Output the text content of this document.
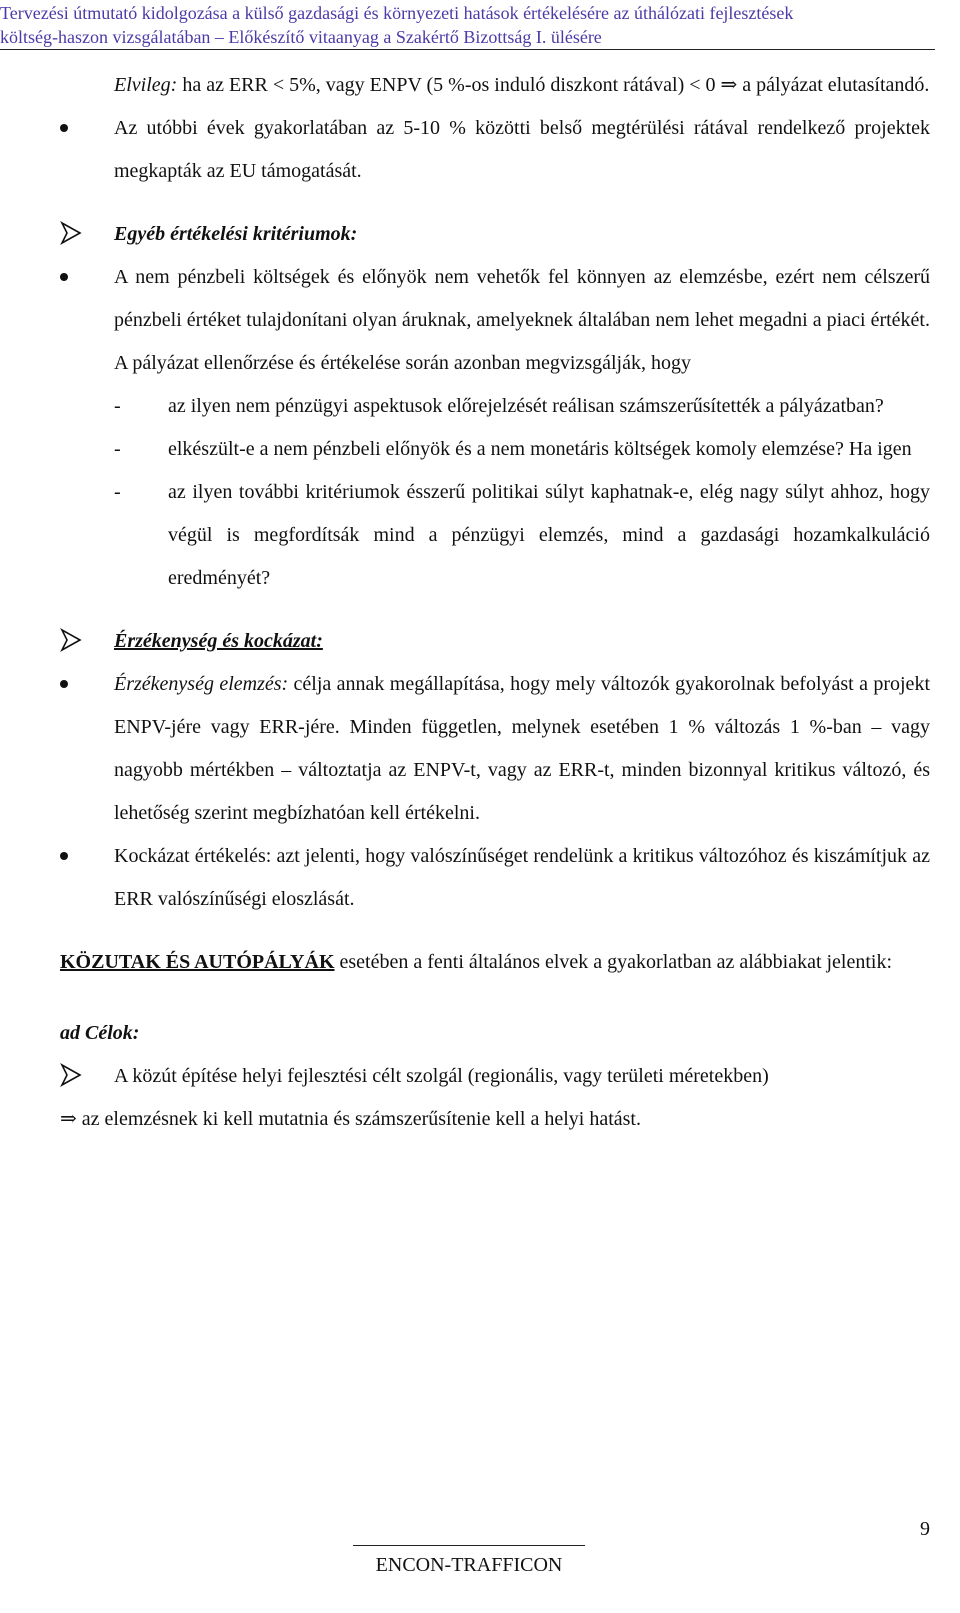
Tervezési útmutató kidolgozása a külső gazdasági és környezeti hatások értékelésére az úthálózati fejlesztések
költség-haszon vizsgálatában – Előkészítő vitaanyag a Szakértő Bizottság I. ülésére

Elvileg: ha az ERR < 5%, vagy ENPV (5 %-os induló diszkont rátával) < 0 ⇒ a pályázat elutasítandó.

Az utóbbi évek gyakorlatában az 5-10 % közötti belső megtérülési rátával rendelkező projektek megkapták az EU támogatását.

Egyéb értékelési kritériumok:

A nem pénzbeli költségek és előnyök nem vehetők fel könnyen az elemzésbe, ezért nem célszerű pénzbeli értéket tulajdonítani olyan áruknak, amelyeknek általában nem lehet megadni a piaci értékét. A pályázat ellenőrzése és értékelése során azonban megvizsgálják, hogy

- az ilyen nem pénzügyi aspektusok előrejelzését reálisan számszerűsítették a pályázatban?

- elkészült-e a nem pénzbeli előnyök és a nem monetáris költségek komoly elemzése? Ha igen

- az ilyen további kritériumok ésszerű politikai súlyt kaphatnak-e, elég nagy súlyt ahhoz, hogy végül is megfordítsák mind a pénzügyi elemzés, mind a gazdasági hozamkalkuláció eredményét?

Érzékenység és kockázat:

Érzékenység elemzés: célja annak megállapítása, hogy mely változók gyakorolnak befolyást a projekt ENPV-jére vagy ERR-jére. Minden független, melynek esetében 1 % változás 1 %-ban – vagy nagyobb mértékben – változtatja az ENPV-t, vagy az ERR-t, minden bizonnyal kritikus változó, és lehetőség szerint megbízhatóan kell értékelni.

Kockázat értékelés: azt jelenti, hogy valószínűséget rendelünk a kritikus változóhoz és kiszámítjuk az ERR valószínűségi eloszlását.

KÖZUTAK ÉS AUTÓPÁLYÁK esetében a fenti általános elvek a gyakorlatban az alábbiakat jelentik:

ad Célok:

A közút építése helyi fejlesztési célt szolgál (regionális, vagy területi méretekben)

⇒ az elemzésnek ki kell mutatnia és számszerűsítenie kell a helyi hatást.

9
ENCON-TRAFFICON
